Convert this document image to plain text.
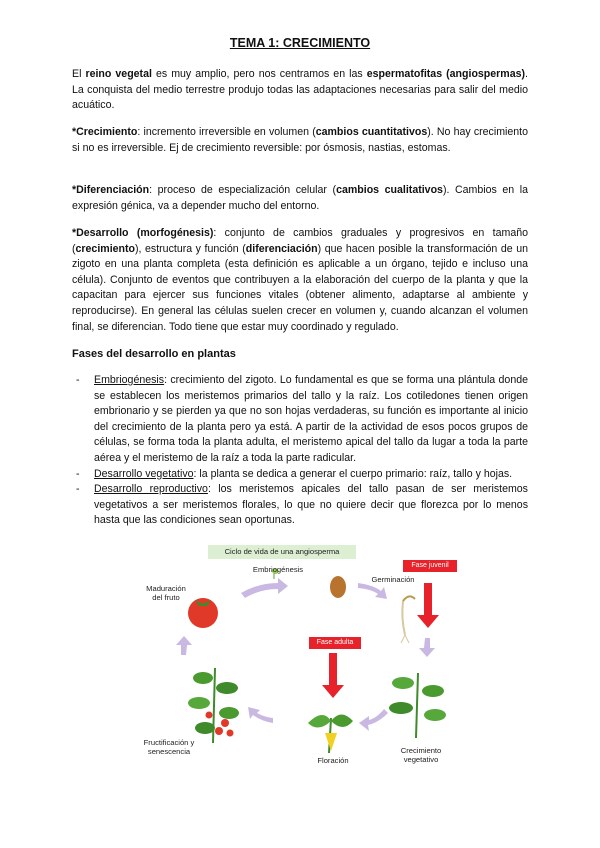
TEMA 1: CRECIMIENTO

El reino vegetal es muy amplio, pero nos centramos en las espermatofitas (angiospermas). La conquista del medio terrestre produjo todas las adaptaciones necesarias para salir del medio acuático.

*Crecimiento: incremento irreversible en volumen (cambios cuantitativos). No hay crecimiento si no es irreversible. Ej de crecimiento reversible: por ósmosis, nastias, estomas.

*Diferenciación: proceso de especialización celular (cambios cualitativos). Cambios en la expresión génica, va a depender mucho del entorno.

*Desarrollo (morfogénesis): conjunto de cambios graduales y progresivos en tamaño (crecimiento), estructura y función (diferenciación) que hacen posible la transformación de un zigoto en una planta completa (esta definición es aplicable a un órgano, tejido e incluso una célula). Conjunto de eventos que contribuyen a la elaboración del cuerpo de la planta y que la capacitan para ejercer sus funciones vitales (obtener alimento, adaptarse al ambiente y reproducirse). En general las células suelen crecer en volumen y, cuando alcanzan el volumen final, se diferencian. Todo tiene que estar muy coordinado y regulado.

Fases del desarrollo en plantas

- Embriogénesis: crecimiento del zigoto. Lo fundamental es que se forma una plántula donde se establecen los meristemos primarios del tallo y la raíz. Los cotiledones tienen origen embrionario y se pierden ya que no son hojas verdaderas, su función es importante al inicio del crecimiento de la planta pero ya está. A partir de la actividad de esos pocos grupos de células, se forma toda la planta adulta, el meristemo apical del tallo da lugar a toda la parte aérea y el meristemo de la raíz a toda la parte radicular.

- Desarrollo vegetativo: la planta se dedica a generar el cuerpo primario: raíz, tallo y hojas.

- Desarrollo reproductivo: los meristemos apicales del tallo pasan de ser meristemos vegetativos a ser meristemos florales, lo que no quiere decir que florezca por lo menos hasta que las condiciones sean oportunas.

Ciclo de vida de una angiosperma
Embriogénesis
Germinación
Fase juvenil
Maduración
del fruto
Fase adulta
Fructificación y
senescencia
Floración
Crecimiento
vegetativo
